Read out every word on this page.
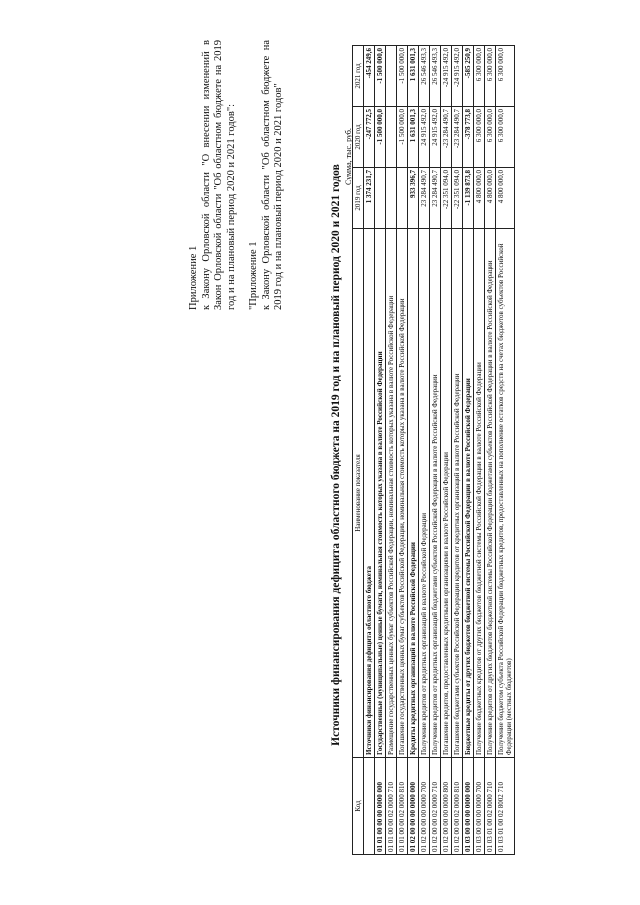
Приложение 1 к Закону Орловской области "О внесении изменений в Закон Орловской области "Об областном бюджете на 2019 год и на плановый период 2020 и 2021 годов": "Приложение 1 к Закону Орловской области "Об областном бюджете на 2019 год и на плановый период 2020 и 2021 годов"	Источники финансирования дефицита областного бюджета на 2019 год и на плановый период 2020 и 2021 годов
Сумма, тыс. руб.
Код	Наименование показателя	2019 год	2020 год	2021 год
	Источники финансирования дефицита областного бюджета	1 374 231,7	-247 772,5	-454 249,6
01 01 00 00 00 0000 000	Государственные (муниципальные) ценные бумаги, номинальная стоимость которых указана в валюте Российской Федерации		-1 500 000,0	-1 500 000,0
01 01 00 00 02 0000 710	Размещение государственных ценных бумаг субъектов Российской Федерации, номинальная стоимость которых указана в валюте Российской Федерации			
01 01 00 00 02 0000 810	Погашение государственных ценных бумаг субъектов Российской Федерации, номинальная стоимость которых указана в валюте Российской Федерации		-1 500 000,0	-1 500 000,0
01 02 00 00 00 0000 000	Кредиты кредитных организаций в валюте Российской Федерации	933 396,7	1 631 001,3	1 631 001,3
01 02 00 00 00 0000 700	Получение кредитов от кредитных организаций в валюте Российской Федерации	23 284 490,7	24 915 492,0	26 546 493,3
01 02 00 00 02 0000 710	Получение кредитов от кредитных организаций бюджетами субъектов Российской Федерации в валюте Российской Федерации	23 284 490,7	24 915 492,0	26 546 493,3
01 02 00 00 00 0000 800	Погашение кредитов, предоставленных кредитными организациями в валюте Российской Федерации	-22 351 094,0	-23 284 490,7	-24 915 492,0
01 02 00 00 02 0000 810	Погашение бюджетами субъектов Российской Федерации кредитов от кредитных организаций в валюте Российской Федерации	-22 351 094,0	-23 284 490,7	-24 915 492,0
01 03 00 00 00 0000 000	Бюджетные кредиты от других бюджетов бюджетной системы Российской Федерации в валюте Российской Федерации	-1 139 873,8	-378 773,8	-585 250,9
01 03 00 00 00 0000 700	Получение бюджетных кредитов от других бюджетов бюджетной системы Российской Федерации в валюте Российской Федерации	4 800 000,0	6 300 000,0	6 300 000,0
01 03 01 00 02 0000 710	Получение кредитов от других бюджетов бюджетной системы Российской Федерации бюджетами субъектов Российской Федерации в валюте Российской Федерации	4 800 000,0	6 300 000,0	6 300 000,0
01 03 01 00 02 8002 710	Получение бюджетом субъекта Российской Федерации бюджетных кредитов, предоставленных на пополнение остатков средств на счетах бюджетов субъектов Российской Федерации (местных бюджетов)	4 800 000,0	6 300 000,0	6 300 000,0
